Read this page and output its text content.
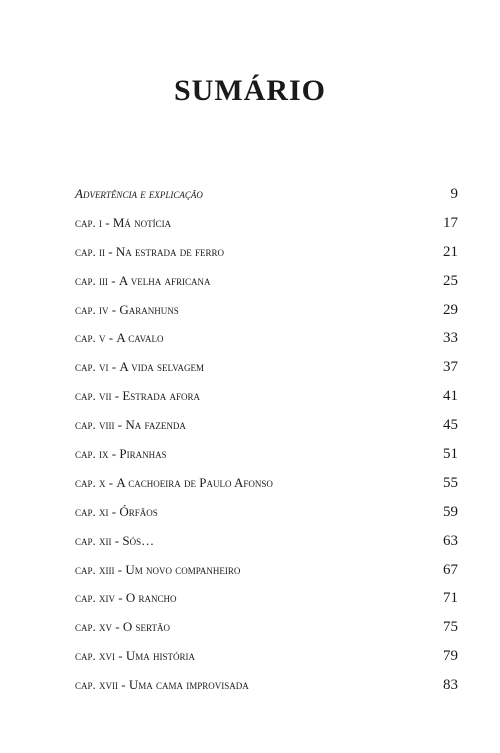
SUMÁRIO
Advertência e explicação	9
cap. i - Má notícia	17
cap. ii - Na estrada de ferro	21
cap. iii - A velha africana	25
cap. iv - Garanhuns	29
cap. v - A cavalo	33
cap. vi - A vida selvagem	37
cap. vii - Estrada afora	41
cap. viii - Na fazenda	45
cap. ix - Piranhas	51
cap. x - A cachoeira de Paulo Afonso	55
cap. xi - Órfãos	59
cap. xii - Sós…	63
cap. xiii - Um novo companheiro	67
cap. xiv - O rancho	71
cap. xv - O sertão	75
cap. xvi - Uma história	79
cap. xvii - Uma cama improvisada	83
